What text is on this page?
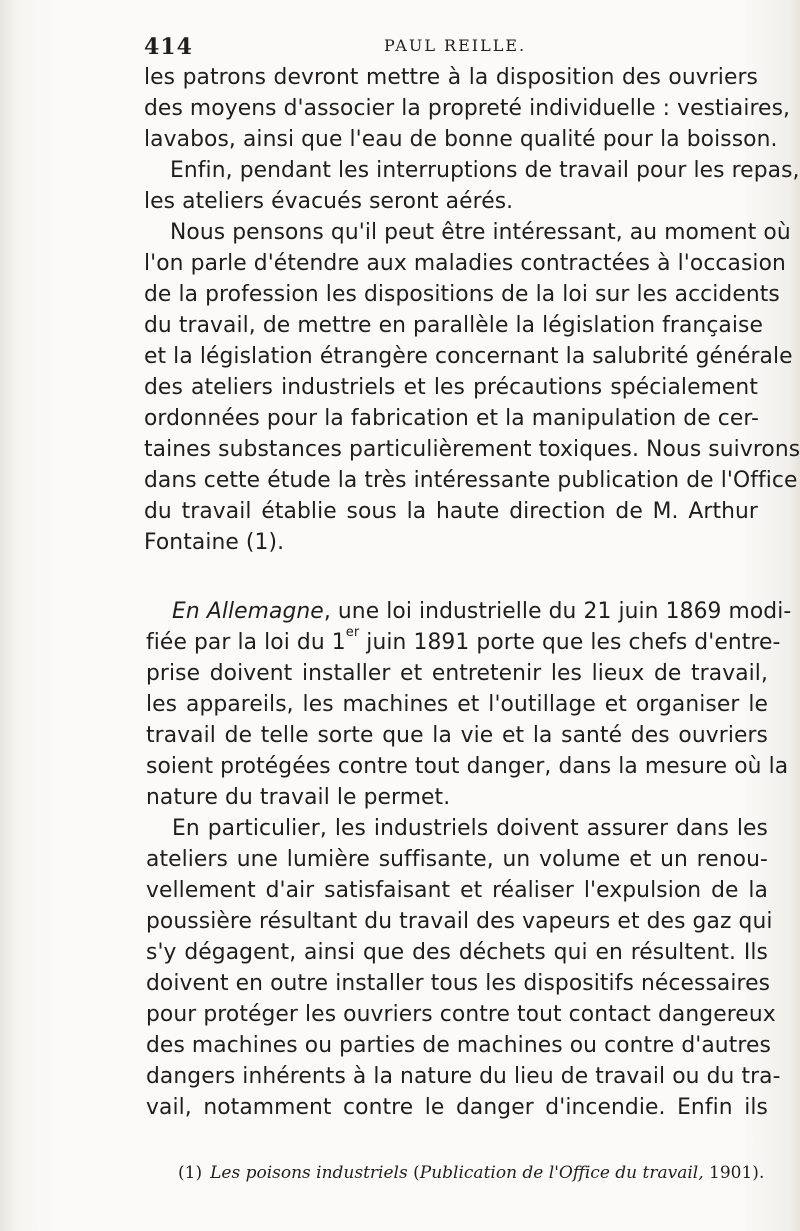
414	PAUL REILLE.
les patrons devront mettre à la disposition des ouvriers
des moyens d'associer la propreté individuelle : vestiaires,
lavabos, ainsi que l'eau de bonne qualité pour la boisson.
Enfin, pendant les interruptions de travail pour les repas,
les ateliers évacués seront aérés.
Nous pensons qu'il peut être intéressant, au moment où
l'on parle d'étendre aux maladies contractées à l'occasion
de la profession les dispositions de la loi sur les accidents
du travail, de mettre en parallèle la législation française
et la législation étrangère concernant la salubrité générale
des ateliers industriels et les précautions spécialement
ordonnées pour la fabrication et la manipulation de cer-
taines substances particulièrement toxiques. Nous suivrons
dans cette étude la très intéressante publication de l'Office
du travail établie sous la haute direction de M. Arthur
Fontaine (1).
En Allemagne, une loi industrielle du 21 juin 1869 modi-
fiée par la loi du 1er juin 1891 porte que les chefs d'entre-
prise doivent installer et entretenir les lieux de travail,
les appareils, les machines et l'outillage et organiser le
travail de telle sorte que la vie et la santé des ouvriers
soient protégées contre tout danger, dans la mesure où la
nature du travail le permet.
En particulier, les industriels doivent assurer dans les
ateliers une lumière suffisante, un volume et un renou-
vellement d'air satisfaisant et réaliser l'expulsion de la
poussière résultant du travail des vapeurs et des gaz qui
s'y dégagent, ainsi que des déchets qui en résultent. Ils
doivent en outre installer tous les dispositifs nécessaires
pour protéger les ouvriers contre tout contact dangereux
des machines ou parties de machines ou contre d'autres
dangers inhérents à la nature du lieu de travail ou du tra-
vail, notamment contre le danger d'incendie. Enfin ils
(1) Les poisons industriels (Publication de l'Office du travail, 1901).
